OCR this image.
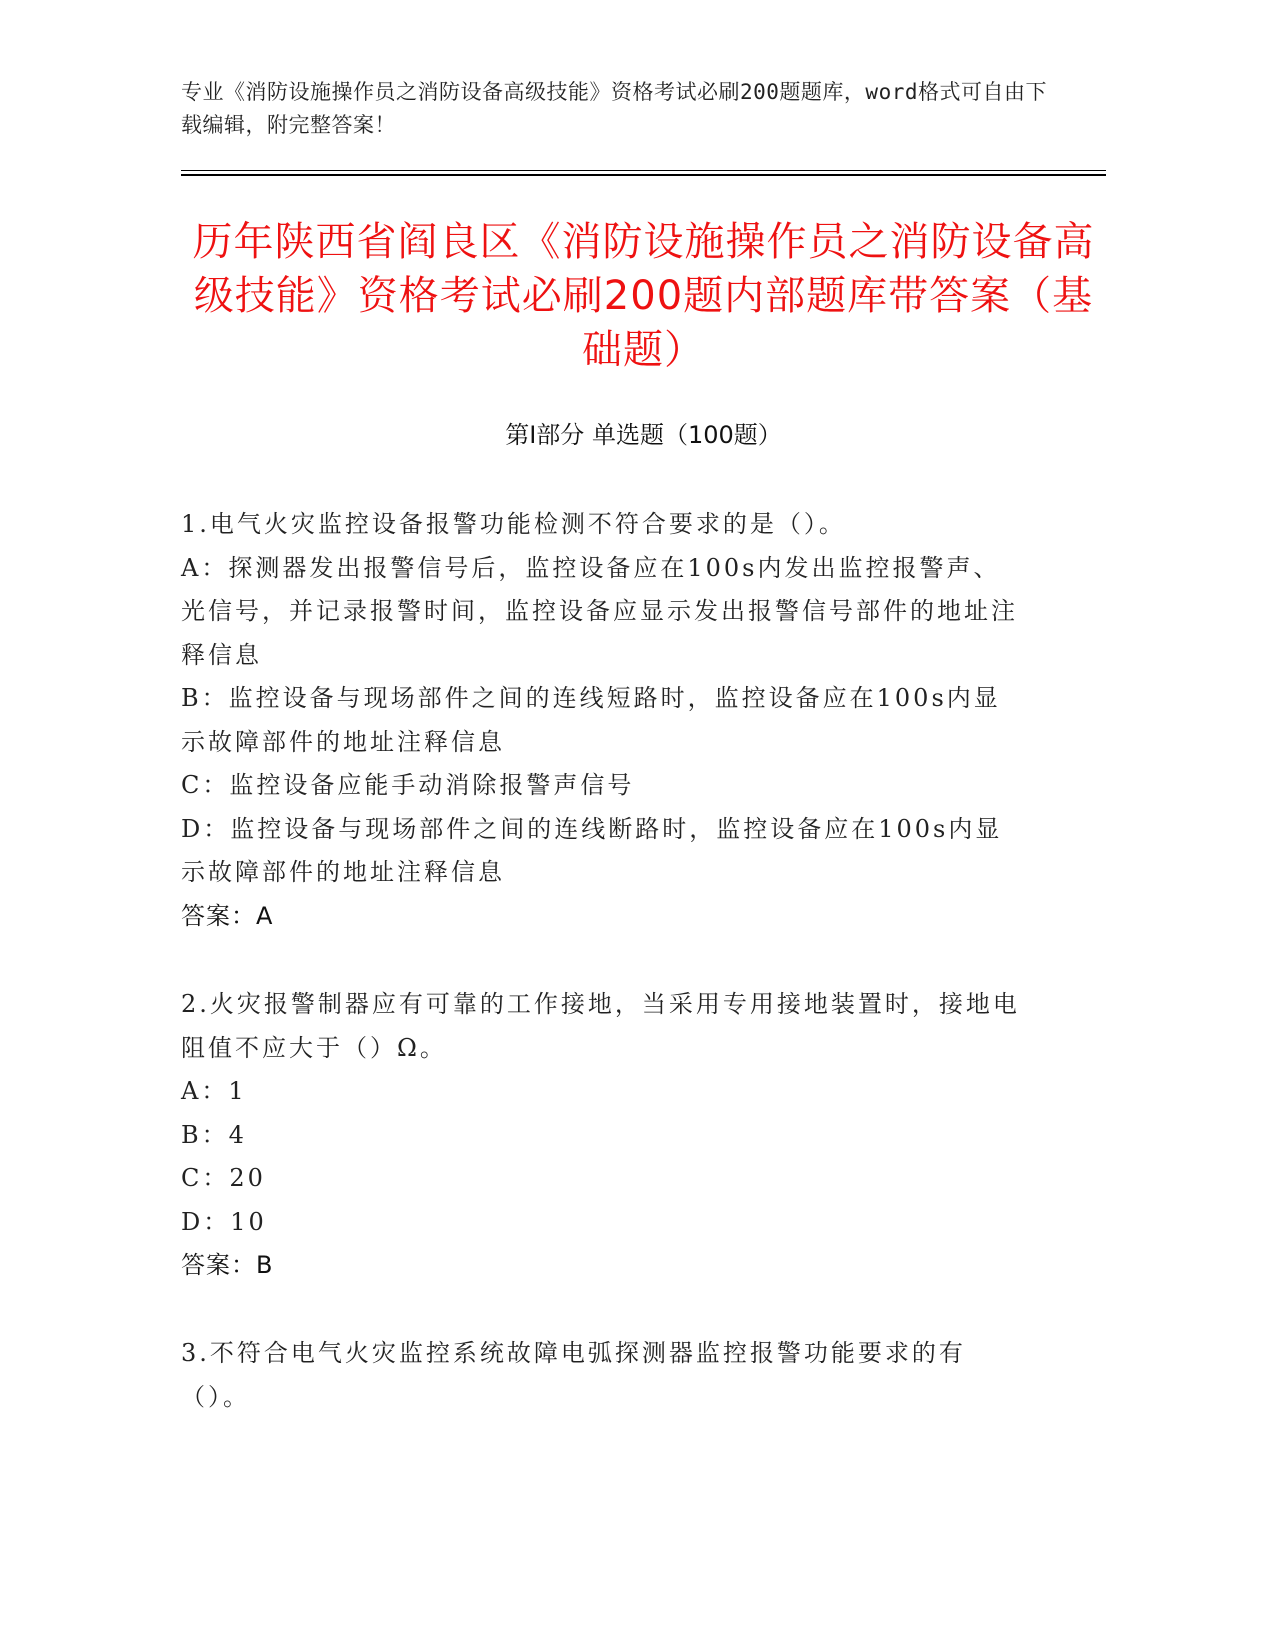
专业《消防设施操作员之消防设备高级技能》资格考试必刷200题题库，word格式可自由下载编辑，附完整答案！
历年陕西省阎良区《消防设施操作员之消防设备高级技能》资格考试必刷200题内部题库带答案（基础题）
第I部分 单选题（100题）

1.电气火灾监控设备报警功能检测不符合要求的是（）。

A：探测器发出报警信号后，监控设备应在100s内发出监控报警声、光信号，并记录报警时间，监控设备应显示发出报警信号部件的地址注释信息

B：监控设备与现场部件之间的连线短路时，监控设备应在100s内显示故障部件的地址注释信息

C：监控设备应能手动消除报警声信号

D：监控设备与现场部件之间的连线断路时，监控设备应在100s内显示故障部件的地址注释信息

答案：A

2.火灾报警制器应有可靠的工作接地，当采用专用接地装置时，接地电阻值不应大于（）Ω。

A：1

B：4

C：20

D：10

答案：B

3.不符合电气火灾监控系统故障电弧探测器监控报警功能要求的有（）。
